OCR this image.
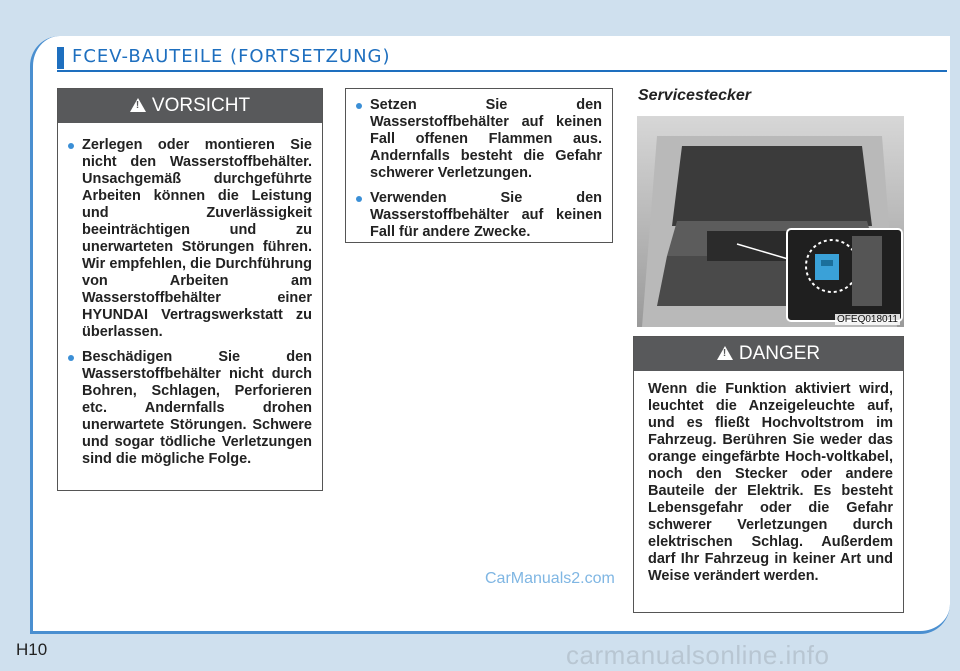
FCEV-BAUTEILE (FORTSETZUNG)
!VORSICHT
Zerlegen oder montieren Sie nicht den Wasserstoffbehälter. Unsachgemäß durchgeführte Arbeiten können die Leistung und Zuverlässigkeit beeinträchtigen und zu unerwarteten Störungen führen. Wir empfehlen, die Durchführung von Arbeiten am Wasserstoffbehälter einer HYUNDAI Vertragswerkstatt zu überlassen.
Beschädigen Sie den Wasserstoffbehälter nicht durch Bohren, Schlagen, Perforieren etc. Andernfalls drohen unerwartete Störungen. Schwere und sogar tödliche Verletzungen sind die mögliche Folge.
Setzen Sie den Wasserstoffbehälter auf keinen Fall offenen Flammen aus. Andernfalls besteht die Gefahr schwerer Verletzungen.
Verwenden Sie den Wasserstoffbehälter auf keinen Fall für andere Zwecke.
Servicestecker
OFEQ018011
!DANGER
Wenn die Funktion aktiviert wird, leuchtet die Anzeigeleuchte auf, und es fließt Hochvoltstrom im Fahrzeug. Berühren Sie weder das orange eingefärbte Hoch-voltkabel, noch den Stecker oder andere Bauteile der Elektrik. Es besteht Lebensgefahr oder die Gefahr schwerer Verletzungen durch elektrischen Schlag. Außerdem darf Ihr Fahrzeug in keiner Art und Weise verändert werden.
CarManuals2.com
H10	carmanualsonline.info
